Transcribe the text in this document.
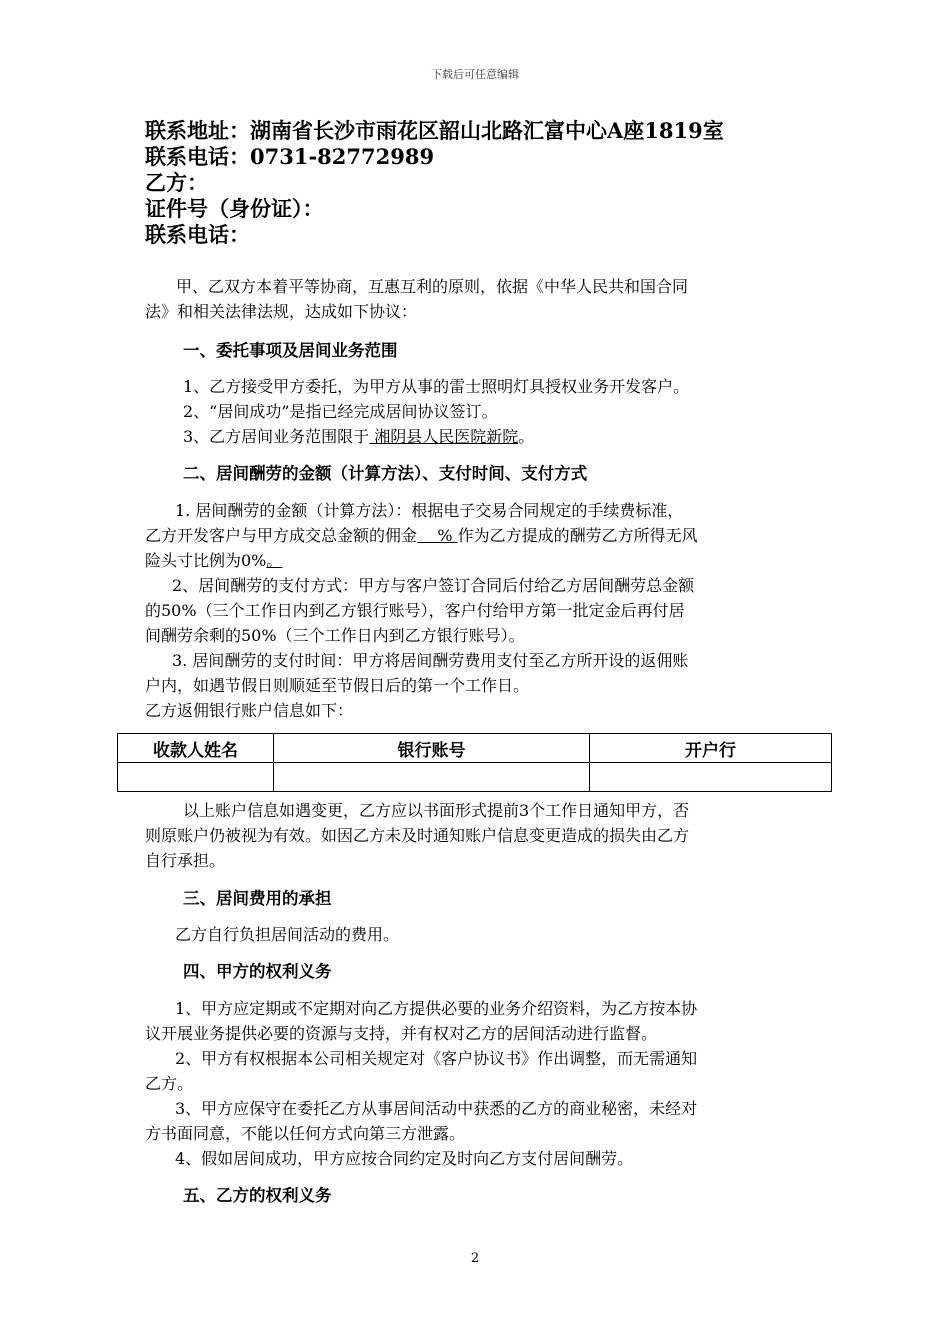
下载后可任意编辑
联系地址：湖南省长沙市雨花区韶山北路汇富中心A座1819室
联系电话：0731-82772989
乙方：
证件号（身份证）：
联系电话：
甲、乙双方本着平等协商，互惠互利的原则，依据《中华人民共和国合同
法》和相关法律法规，达成如下协议：
一、委托事项及居间业务范围
1、乙方接受甲方委托，为甲方从事的雷士照明灯具授权业务开发客户。
2、“居间成功”是指已经完成居间协议签订。
3、乙方居间业务范围限于 湘阴县人民医院新院。
二、居间酬劳的金额（计算方法）、支付时间、支付方式
1. 居间酬劳的金额（计算方法）：根据电子交易合同规定的手续费标准，
乙方开发客户与甲方成交总金额的佣金    % 作为乙方提成的酬劳乙方所得无风
险头寸比例为0%。
2、居间酬劳的支付方式：甲方与客户签订合同后付给乙方居间酬劳总金额
的50%（三个工作日内到乙方银行账号），客户付给甲方第一批定金后再付居
间酬劳余剩的50%（三个工作日内到乙方银行账号）。
3. 居间酬劳的支付时间：甲方将居间酬劳费用支付至乙方所开设的返佣账
户内，如遇节假日则顺延至节假日后的第一个工作日。
乙方返佣银行账户信息如下：
收款人姓名	银行账号	开户行

以上账户信息如遇变更，乙方应以书面形式提前3个工作日通知甲方，否
则原账户仍被视为有效。如因乙方未及时通知账户信息变更造成的损失由乙方
自行承担。
三、居间费用的承担
乙方自行负担居间活动的费用。
四、甲方的权利义务
1、甲方应定期或不定期对向乙方提供必要的业务介绍资料，为乙方按本协
议开展业务提供必要的资源与支持，并有权对乙方的居间活动进行监督。
2、甲方有权根据本公司相关规定对《客户协议书》作出调整，而无需通知
乙方。
3、甲方应保守在委托乙方从事居间活动中获悉的乙方的商业秘密，未经对
方书面同意，不能以任何方式向第三方泄露。
4、假如居间成功，甲方应按合同约定及时向乙方支付居间酬劳。
五、乙方的权利义务
2
